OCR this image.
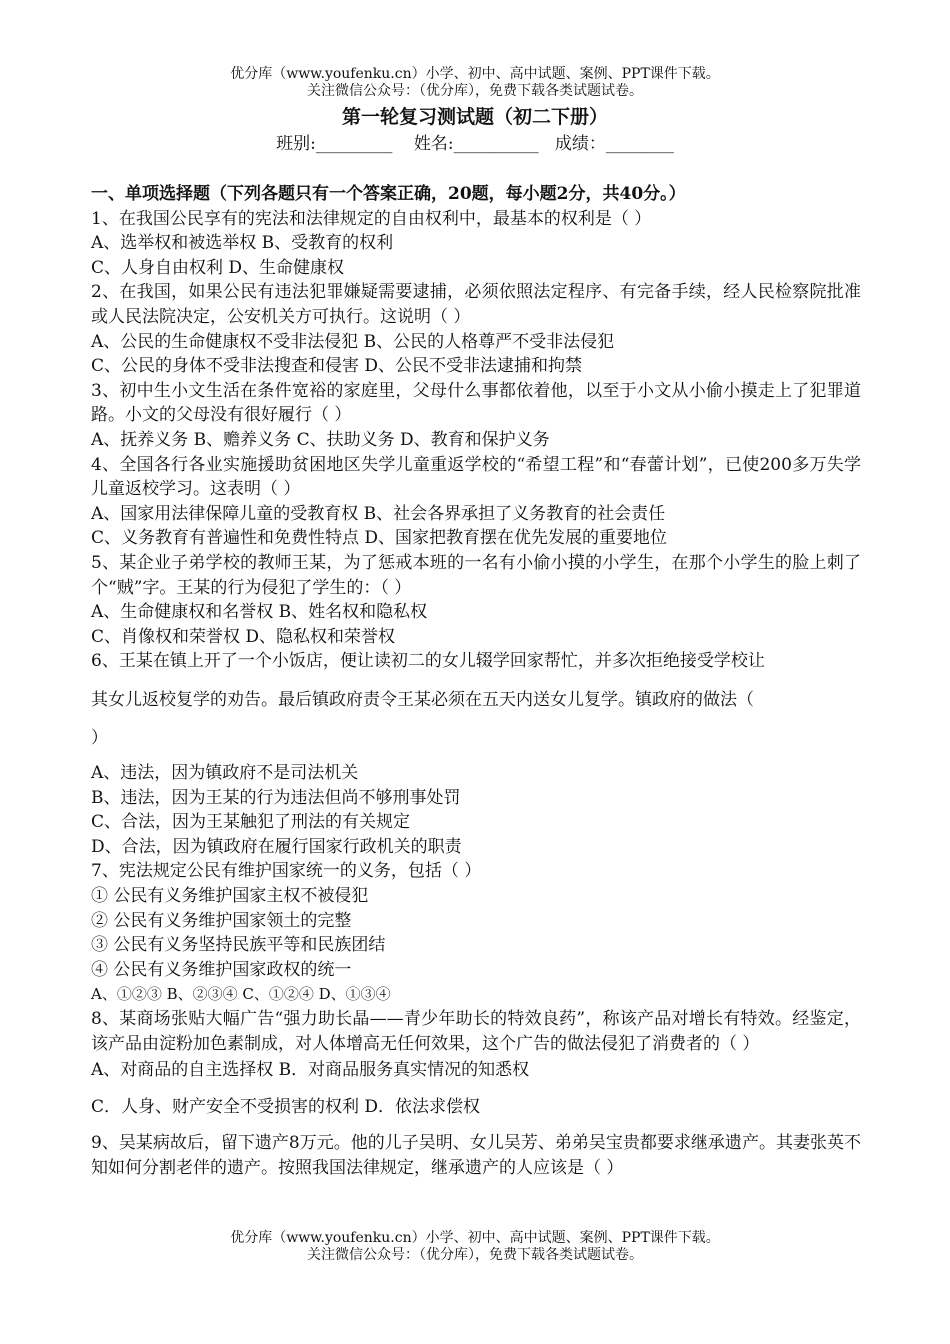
优分库（www.youfenku.cn）小学、初中、高中试题、案例、PPT课件下载。
关注微信公众号：（优分库），免费下载各类试题试卷。
第一轮复习测试题（初二下册）
班别:_________    姓名:__________   成绩：________
一、单项选择题（下列各题只有一个答案正确，20题，每小题2分，共40分。）
1、在我国公民享有的宪法和法律规定的自由权利中，最基本的权利是（ ）
A、选举权和被选举权 B、受教育的权利
C、人身自由权利 D、生命健康权
2、在我国，如果公民有违法犯罪嫌疑需要逮捕，必须依照法定程序、有完备手续，经人民检察院批准或人民法院决定，公安机关方可执行。这说明（ ）
A、公民的生命健康权不受非法侵犯 B、公民的人格尊严不受非法侵犯
C、公民的身体不受非法搜查和侵害 D、公民不受非法逮捕和拘禁
3、初中生小文生活在条件宽裕的家庭里，父母什么事都依着他，以至于小文从小偷小摸走上了犯罪道路。小文的父母没有很好履行（ ）
A、抚养义务 B、赡养义务 C、扶助义务 D、教育和保护义务
4、全国各行各业实施援助贫困地区失学儿童重返学校的“希望工程”和“春蕾计划”，已使200多万失学儿童返校学习。这表明（ ）
A、国家用法律保障儿童的受教育权 B、社会各界承担了义务教育的社会责任
C、义务教育有普遍性和免费性特点 D、国家把教育摆在优先发展的重要地位
5、某企业子弟学校的教师王某，为了惩戒本班的一名有小偷小摸的小学生，在那个小学生的脸上刺了个“贼”字。王某的行为侵犯了学生的：（ ）
A、生命健康权和名誉权 B、姓名权和隐私权
C、肖像权和荣誉权 D、隐私权和荣誉权
6、王某在镇上开了一个小饭店，便让读初二的女儿辍学回家帮忙，并多次拒绝接受学校让
其女儿返校复学的劝告。最后镇政府责令王某必须在五天内送女儿复学。镇政府的做法（
）
A、违法，因为镇政府不是司法机关
B、违法，因为王某的行为违法但尚不够刑事处罚
C、合法，因为王某触犯了刑法的有关规定
D、合法，因为镇政府在履行国家行政机关的职责
7、宪法规定公民有维护国家统一的义务，包括（ ）
① 公民有义务维护国家主权不被侵犯
② 公民有义务维护国家领土的完整
③ 公民有义务坚持民族平等和民族团结
④ 公民有义务维护国家政权的统一
A、①②③ B、②③④ C、①②④ D、①③④
8、某商场张贴大幅广告“强力助长晶——青少年助长的特效良药”，称该产品对增长有特效。经鉴定，该产品由淀粉加色素制成，对人体增高无任何效果，这个广告的做法侵犯了消费者的（ ）
A、对商品的自主选择权 B．对商品服务真实情况的知悉权
C．人身、财产安全不受损害的权利 D．依法求偿权
9、吴某病故后，留下遗产8万元。他的儿子吴明、女儿吴芳、弟弟吴宝贵都要求继承遗产。其妻张英不知如何分割老伴的遗产。按照我国法律规定，继承遗产的人应该是（ ）
优分库（www.youfenku.cn）小学、初中、高中试题、案例、PPT课件下载。
关注微信公众号：（优分库），免费下载各类试题试卷。
